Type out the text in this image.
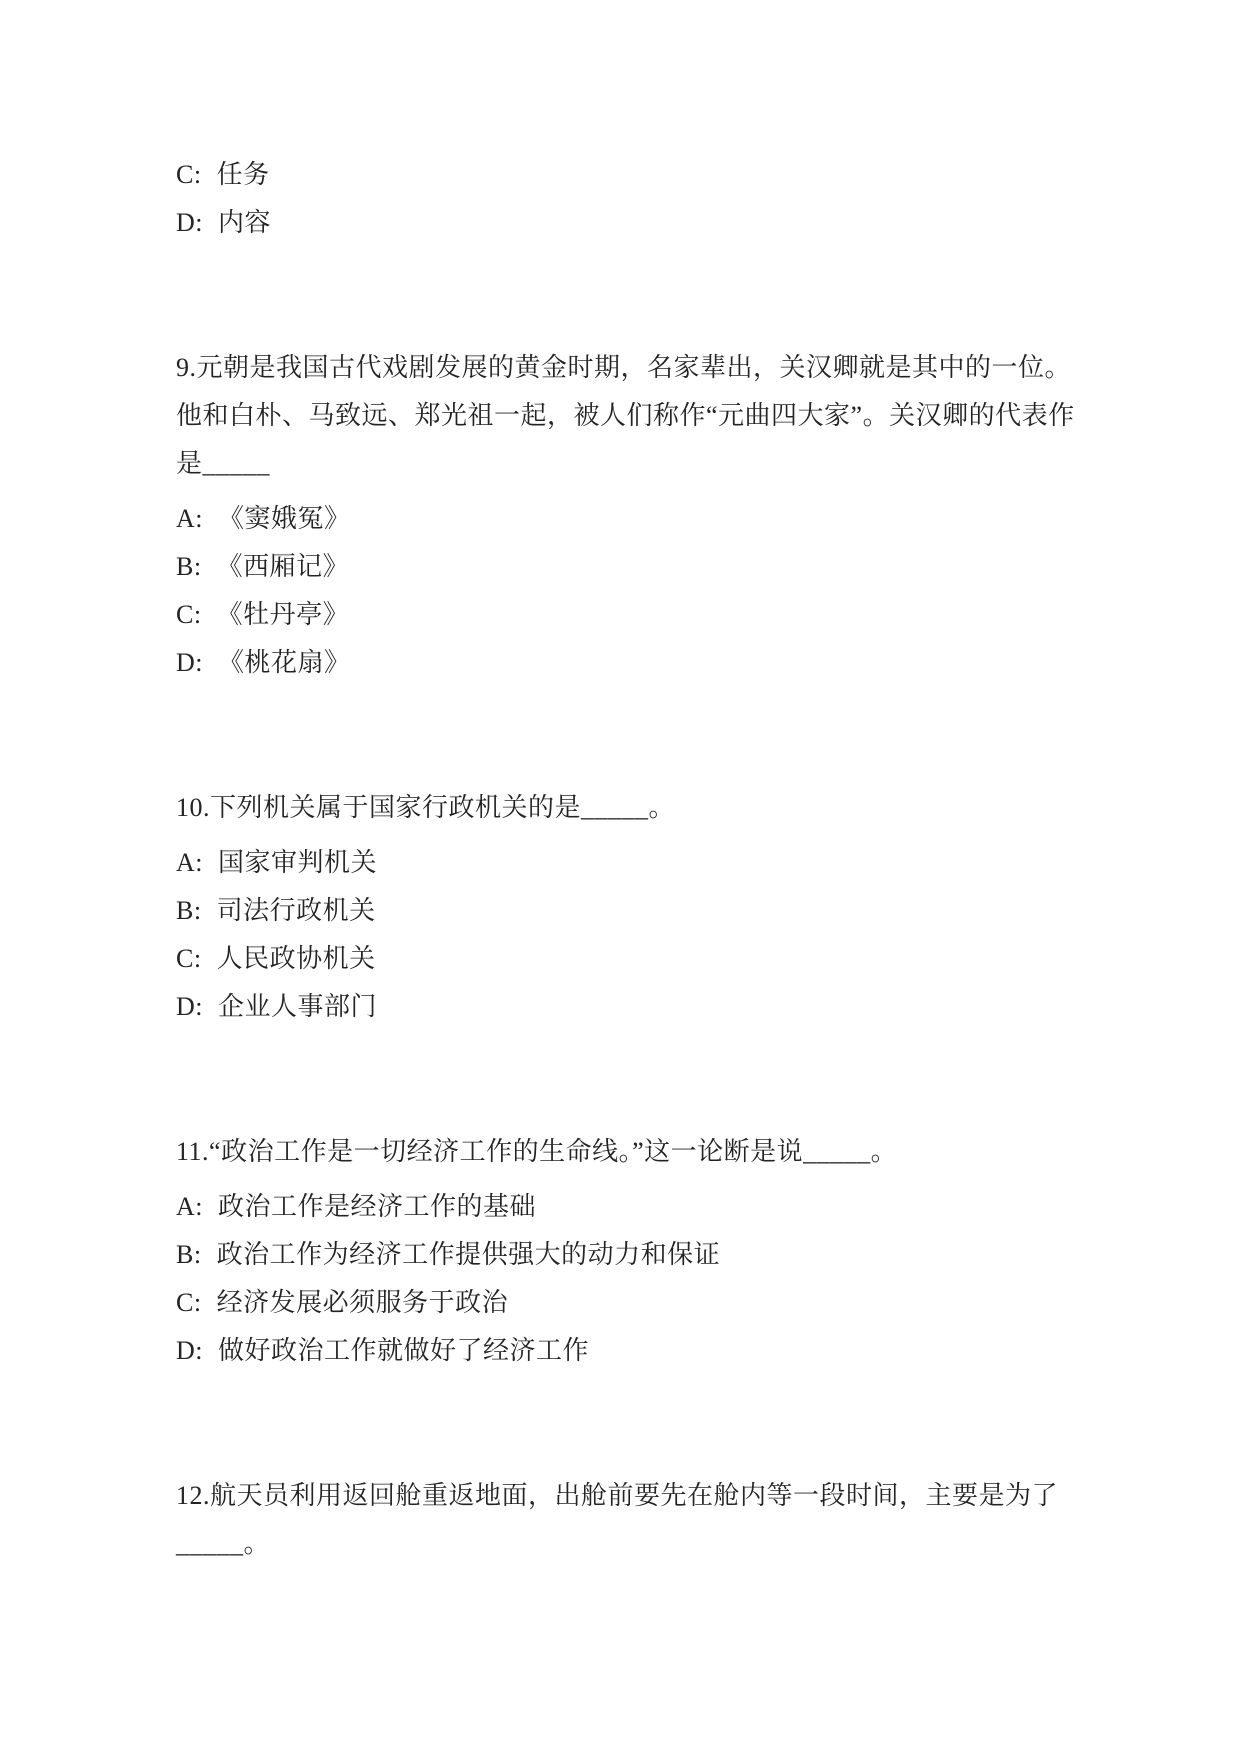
C: 任务

D: 内容

9.元朝是我国古代戏剧发展的黄金时期，名家辈出，关汉卿就是其中的一位。

他和白朴、马致远、郑光祖一起，被人们称作“元曲四大家”。关汉卿的代表作

是_____

A: 《窦娥冤》

B: 《西厢记》

C: 《牡丹亭》

D: 《桃花扇》

10.下列机关属于国家行政机关的是_____。

A: 国家审判机关

B: 司法行政机关

C: 人民政协机关

D: 企业人事部门

11.“政治工作是一切经济工作的生命线。”这一论断是说_____。

A: 政治工作是经济工作的基础

B: 政治工作为经济工作提供强大的动力和保证

C: 经济发展必须服务于政治

D: 做好政治工作就做好了经济工作

12.航天员利用返回舱重返地面，出舱前要先在舱内等一段时间，主要是为了

_____。
